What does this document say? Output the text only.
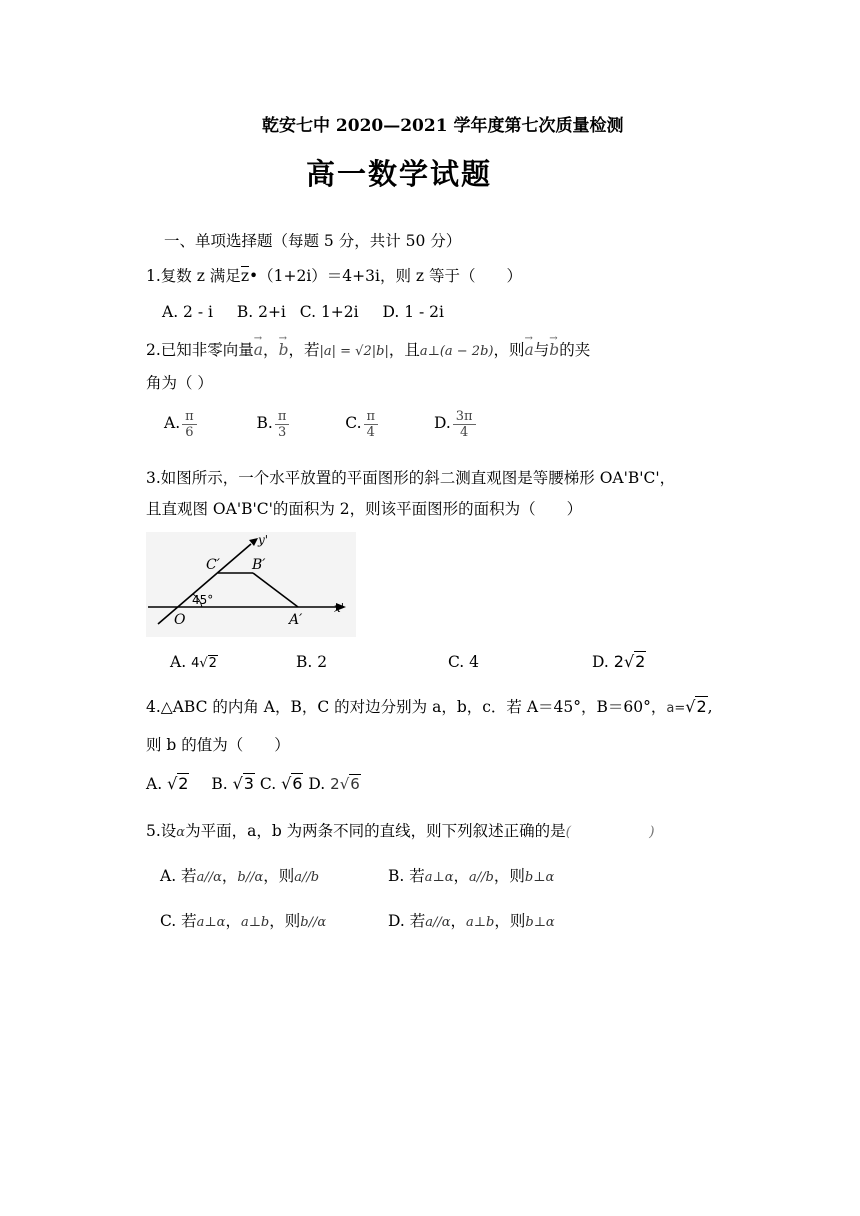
乾安七中 2020—2021 学年度第七次质量检测
高一数学试题
一、单项选择题（每题 5 分，共计 50 分）
1.复数 z 满足z•（1+2i）＝4+3i，则 z 等于（　　）
A. 2 - i B. 2+i C. 1+2i D. 1 - 2i
2.已知非零向量→ a，→ b，若|a| = √2|b|，且a⊥(a − 2b)，则→ a与→ b的夹
角为（ ）
A. $\frac{\pi}{6}$	B. $\frac{\pi}{3}$	C. $\frac{\pi}{4}$	D. $\frac{3\pi}{4}$
3.如图所示，一个水平放置的平面图形的斜二测直观图是等腰梯形 OA'B'C'，
且直观图 OA'B'C'的面积为 2，则该平面图形的面积为（　　）
y'
x'
O	A′
B′
C′
45°
A. 4√2	B. 2	C. 4	D. 2√2
4.△ABC 的内角 A，B，C 的对边分别为 a，b，c．若 A＝45°，B＝60°，a=√2,
则 b 的值为（　　）
A. √2 B. √3 C. √6 D. 2√6
5.设α为平面，a，b 为两条不同的直线，则下列叙述正确的是(	)
A. 若a//α，b//α，则a//b	B. 若a⊥α，a//b，则b⊥α
C. 若a⊥α，a⊥b，则b//α	D. 若a//α，a⊥b，则b⊥α
